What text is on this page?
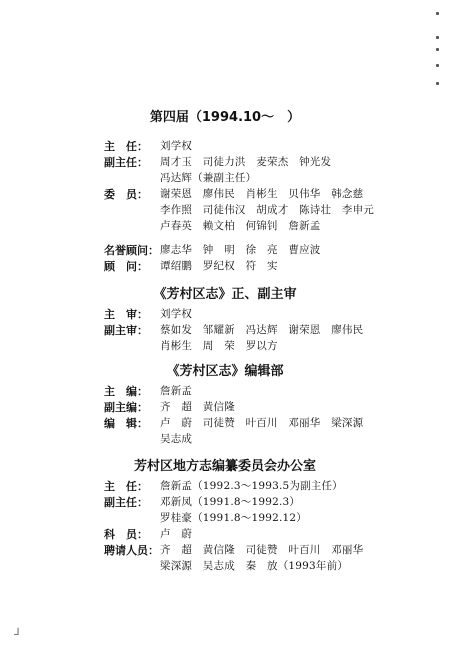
第四届（1994.10～　）
主　任： 刘学权
副主任： 周才玉　司徒力洪　麦荣杰　钟光发
冯达辉（兼副主任）
委　员： 谢荣恩　廖伟民　肖彬生　贝伟华　韩念慈
李作照　司徒伟汉　胡成才　陈诗壮　李申元
卢春英　赖文柏　何锦钊　詹新孟
名誉顾问： 廖志华　钟　明　徐　亮　曹应波
顾　问： 谭绍鹏　罗纪权　符　实
《芳村区志》正、副主审
主　审： 刘学权
副主审： 蔡如发　邹耀新　冯达辉　谢荣恩　廖伟民
肖彬生　周　荣　罗以方
《芳村区志》编辑部
主　编： 詹新孟
副主编： 齐　超　黄信隆
编　辑： 卢　蔚　司徒赞　叶百川　邓丽华　梁深源
吴志成
芳村区地方志编纂委员会办公室
主　任： 詹新孟（1992.3～1993.5为副主任）
副主任： 邓新凤（1991.8～1992.3）
罗桂豪（1991.8～1992.12）
科　员： 卢　蔚
聘请人员： 齐　超　黄信隆　司徒赞　叶百川　邓丽华
梁深源　吴志成　秦　放（1993年前）
⅃
